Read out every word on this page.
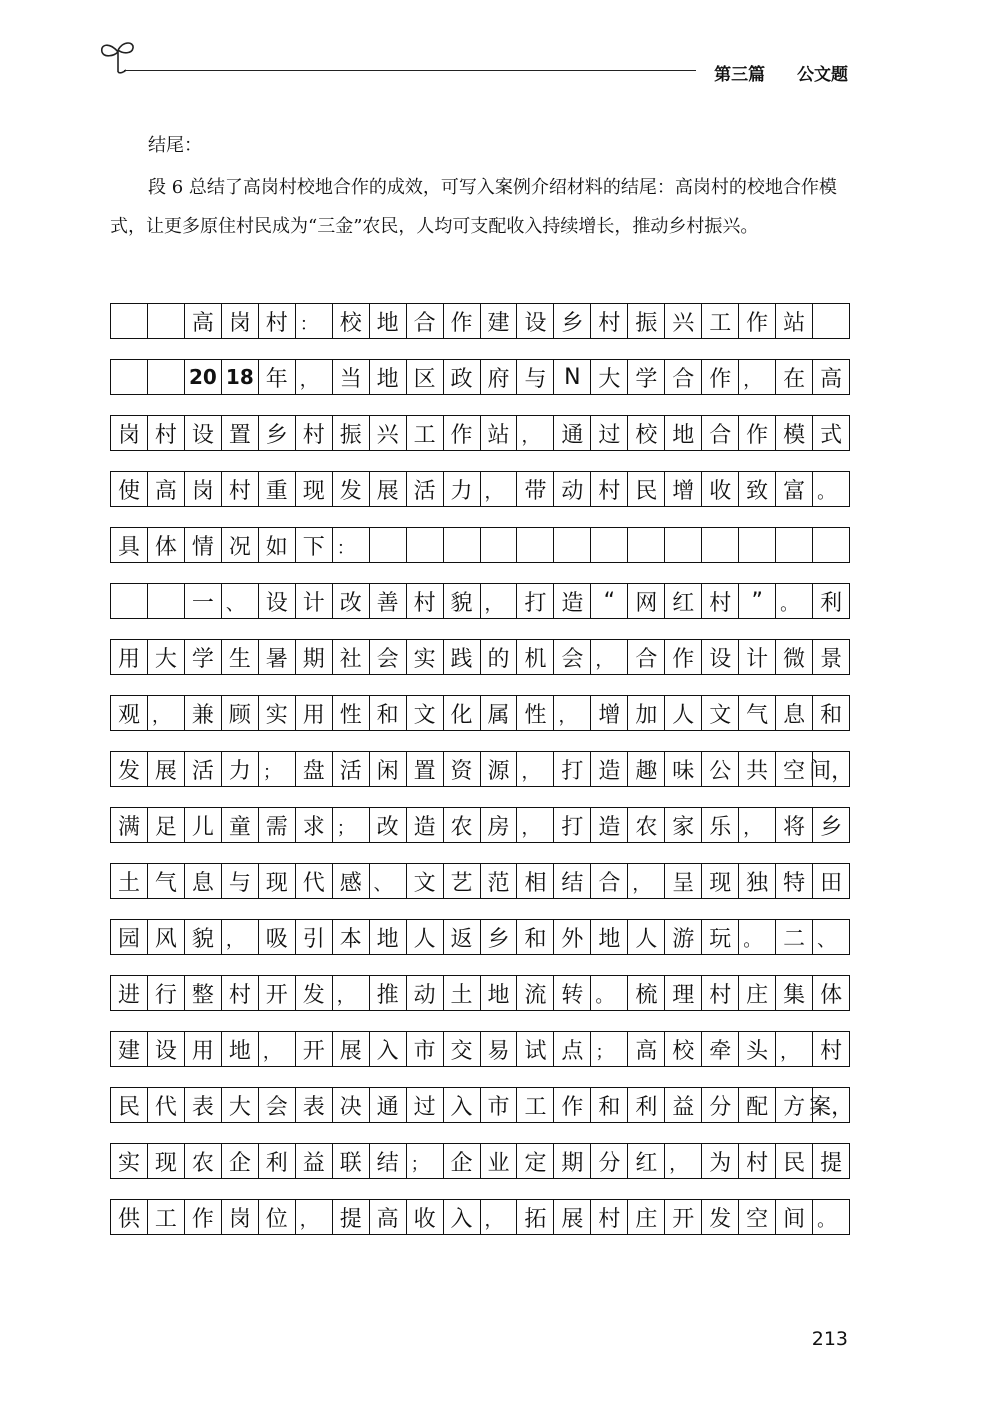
第三篇 公文题
结尾：
段 6 总结了高岗村校地合作的成效，可写入案例介绍材料的结尾：高岗村的校地合作模式，让更多原住村民成为“三金”农民，人均可支配收入持续增长，推动乡村振兴。
高 岗 村 ： 校 地 合 作 建 设 乡 村 振 兴 工 作 站
20 18 年 ， 当 地 区 政 府 与 N 大 学 合 作 ， 在 高
岗 村 设 置 乡 村 振 兴 工 作 站 ， 通 过 校 地 合 作 模 式
使 高 岗 村 重 现 发 展 活 力 ， 带 动 村 民 增 收 致 富 。
具 体 情 况 如 下 ：
一 、 设 计 改 善 村 貌 ， 打 造 “ 网 红 村 ” 。 利
用 大 学 生 暑 期 社 会 实 践 的 机 会 ， 合 作 设 计 微 景
观 ， 兼 顾 实 用 性 和 文 化 属 性 ， 增 加 人 文 气 息 和
发 展 活 力 ； 盘 活 闲 置 资 源 ， 打 造 趣 味 公 共 空 间，
满 足 儿 童 需 求 ； 改 造 农 房 ， 打 造 农 家 乐 ， 将 乡
土 气 息 与 现 代 感 、 文 艺 范 相 结 合 ， 呈 现 独 特 田
园 风 貌 ， 吸 引 本 地 人 返 乡 和 外 地 人 游 玩 。 二 、
进 行 整 村 开 发 ， 推 动 土 地 流 转 。 梳 理 村 庄 集 体
建 设 用 地 ， 开 展 入 市 交 易 试 点 ； 高 校 牵 头 ， 村
民 代 表 大 会 表 决 通 过 入 市 工 作 和 利 益 分 配 方 案，
实 现 农 企 利 益 联 结 ； 企 业 定 期 分 红 ， 为 村 民 提
供 工 作 岗 位 ， 提 高 收 入 ， 拓 展 村 庄 开 发 空 间 。
213
